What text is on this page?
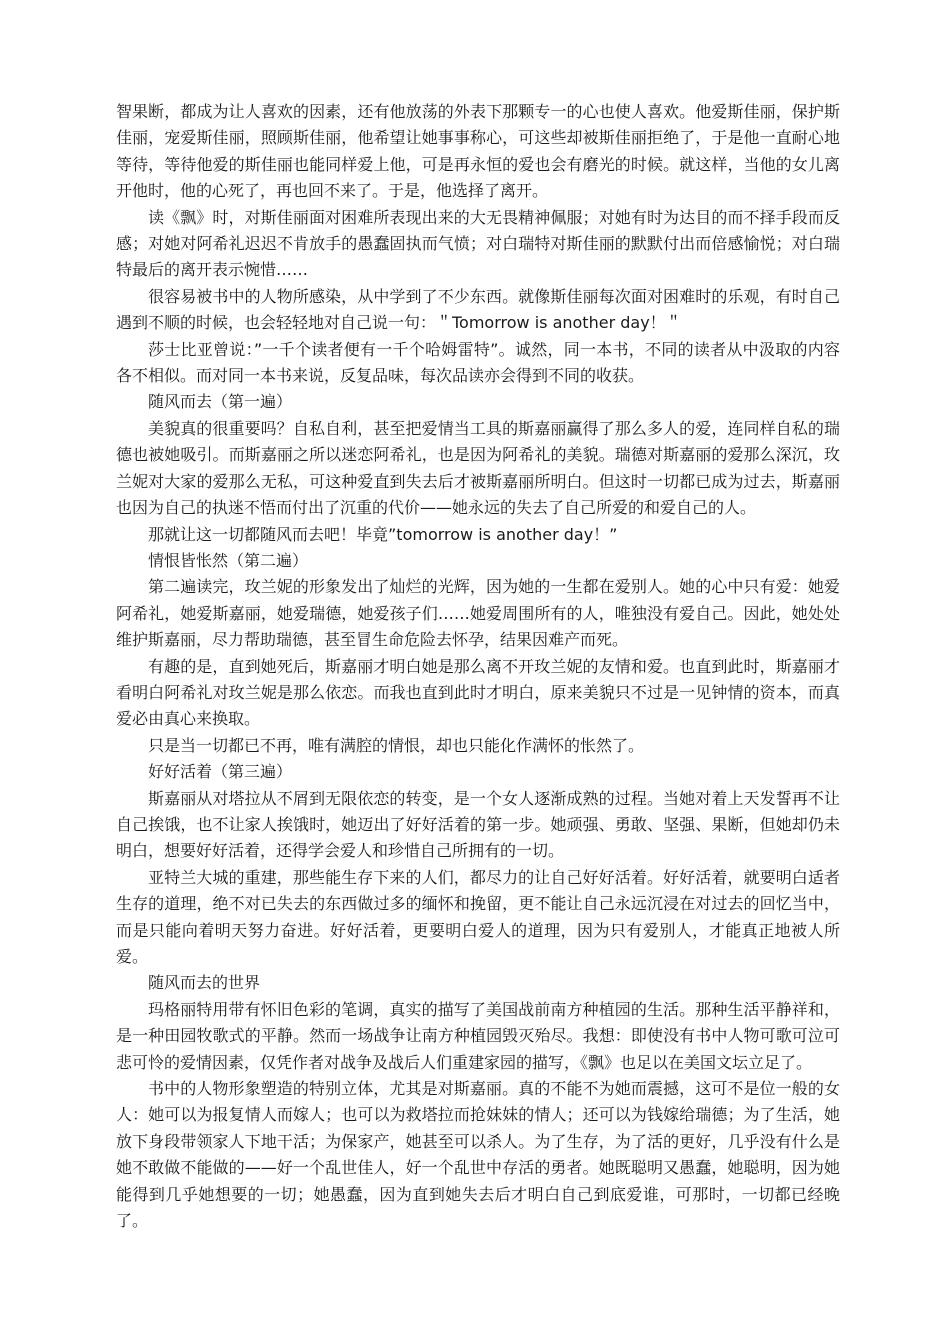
智果断，都成为让人喜欢的因素，还有他放荡的外表下那颗专一的心也使人喜欢。他爱斯佳丽，保护斯佳丽，宠爱斯佳丽，照顾斯佳丽，他希望让她事事称心，可这些却被斯佳丽拒绝了，于是他一直耐心地等待，等待他爱的斯佳丽也能同样爱上他，可是再永恒的爱也会有磨光的时候。就这样，当他的女儿离开他时，他的心死了，再也回不来了。于是，他选择了离开。

读《飘》时，对斯佳丽面对困难所表现出来的大无畏精神佩服；对她有时为达目的而不择手段而反感；对她对阿希礼迟迟不肯放手的愚蠢固执而气愤；对白瑞特对斯佳丽的默默付出而倍感愉悦；对白瑞特最后的离开表示惋惜……

很容易被书中的人物所感染，从中学到了不少东西。就像斯佳丽每次面对困难时的乐观，有时自己遇到不顺的时候，也会轻轻地对自己说一句：＂Tomorrow is another day！＂

莎士比亚曾说：”一千个读者便有一千个哈姆雷特”。诚然，同一本书，不同的读者从中汲取的内容各不相似。而对同一本书来说，反复品味，每次品读亦会得到不同的收获。

随风而去（第一遍）

美貌真的很重要吗？自私自利，甚至把爱情当工具的斯嘉丽赢得了那么多人的爱，连同样自私的瑞德也被她吸引。而斯嘉丽之所以迷恋阿希礼，也是因为阿希礼的美貌。瑞德对斯嘉丽的爱那么深沉，玫兰妮对大家的爱那么无私，可这种爱直到失去后才被斯嘉丽所明白。但这时一切都已成为过去，斯嘉丽也因为自己的执迷不悟而付出了沉重的代价——她永远的失去了自己所爱的和爱自己的人。

那就让这一切都随风而去吧！毕竟”tomorrow is another day！”

情恨皆怅然（第二遍）

第二遍读完，玫兰妮的形象发出了灿烂的光辉，因为她的一生都在爱别人。她的心中只有爱：她爱阿希礼，她爱斯嘉丽，她爱瑞德，她爱孩子们……她爱周围所有的人，唯独没有爱自己。因此，她处处维护斯嘉丽，尽力帮助瑞德，甚至冒生命危险去怀孕，结果因难产而死。

有趣的是，直到她死后，斯嘉丽才明白她是那么离不开玫兰妮的友情和爱。也直到此时，斯嘉丽才看明白阿希礼对玫兰妮是那么依恋。而我也直到此时才明白，原来美貌只不过是一见钟情的资本，而真爱必由真心来换取。

只是当一切都已不再，唯有满腔的情恨，却也只能化作满怀的怅然了。

好好活着（第三遍）

斯嘉丽从对塔拉从不屑到无限依恋的转变，是一个女人逐渐成熟的过程。当她对着上天发誓再不让自己挨饿，也不让家人挨饿时，她迈出了好好活着的第一步。她顽强、勇敢、坚强、果断，但她却仍未明白，想要好好活着，还得学会爱人和珍惜自己所拥有的一切。

亚特兰大城的重建，那些能生存下来的人们，都尽力的让自己好好活着。好好活着，就要明白适者生存的道理，绝不对已失去的东西做过多的缅怀和挽留，更不能让自己永远沉浸在对过去的回忆当中，而是只能向着明天努力奋进。好好活着，更要明白爱人的道理，因为只有爱别人，才能真正地被人所爱。

随风而去的世界

玛格丽特用带有怀旧色彩的笔调，真实的描写了美国战前南方种植园的生活。那种生活平静祥和，是一种田园牧歌式的平静。然而一场战争让南方种植园毁灭殆尽。我想：即使没有书中人物可歌可泣可悲可怜的爱情因素，仅凭作者对战争及战后人们重建家园的描写，《飘》也足以在美国文坛立足了。

书中的人物形象塑造的特别立体，尤其是对斯嘉丽。真的不能不为她而震撼，这可不是位一般的女人：她可以为报复情人而嫁人；也可以为救塔拉而抢妹妹的情人；还可以为钱嫁给瑞德；为了生活，她放下身段带领家人下地干活；为保家产，她甚至可以杀人。为了生存，为了活的更好，几乎没有什么是她不敢做不能做的——好一个乱世佳人，好一个乱世中存活的勇者。她既聪明又愚蠢，她聪明，因为她能得到几乎她想要的一切；她愚蠢，因为直到她失去后才明白自己到底爱谁，可那时，一切都已经晚了。
